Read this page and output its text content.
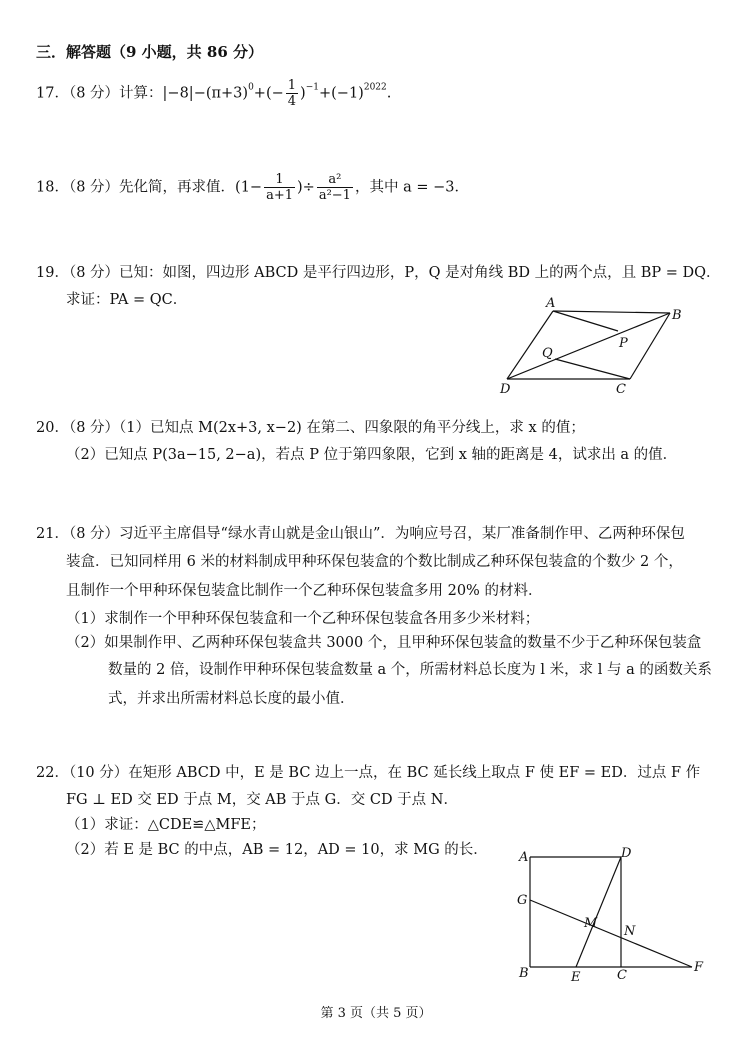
三．解答题（9 小题，共 86 分）
17．（8 分）计算：$|-8|-(\pi+3)^0+(- \frac{1}{4} )^{-1}+(-1)^{2022}$.
18．（8 分）先化简，再求值．($1- \frac{1}{a+1}$ )÷ $\frac{\text{a²}}{\text{a²−1}}$ ，其中 a = −3．
19．（8 分）已知：如图，四边形 ABCD 是平行四边形，P，Q 是对角线 BD 上的两个点，且 BP = DQ．
求证：PA = QC．	A
B
C
D
P
Q
20．（8 分）（1）已知点 M(2x+3, x−2) 在第二、四象限的角平分线上，求 x 的值；
（2）已知点 P(3a−15, 2−a)，若点 P 位于第四象限，它到 x 轴的距离是 4，试求出 a 的值．
21．（8 分）习近平主席倡导“绿水青山就是金山银山”．为响应号召，某厂准备制作甲、乙两种环保包
装盒．已知同样用 6 米的材料制成甲种环保包装盒的个数比制成乙种环保包装盒的个数少 2 个，
且制作一个甲种环保包装盒比制作一个乙种环保包装盒多用 20% 的材料．
（1）求制作一个甲种环保包装盒和一个乙种环保包装盒各用多少米材料；
（2）如果制作甲、乙两种环保包装盒共 3000 个，且甲种环保包装盒的数量不少于乙种环保包装盒
数量的 2 倍，设制作甲种环保包装盒数量 a 个，所需材料总长度为 l 米，求 l 与 a 的函数关系
式，并求出所需材料总长度的最小值．
22．（10 分）在矩形 ABCD 中，E 是 BC 边上一点，在 BC 延长线上取点 F 使 EF = ED．过点 F 作
FG ⊥ ED 交 ED 于点 M，交 AB 于点 G．交 CD 于点 N．
（1）求证：△CDE≌△MFE；
（2）若 E 是 BC 的中点，AB = 12，AD = 10，求 MG 的长． A	D
G
M
N
B	E	C
F
第 3 页（共 5 页）
